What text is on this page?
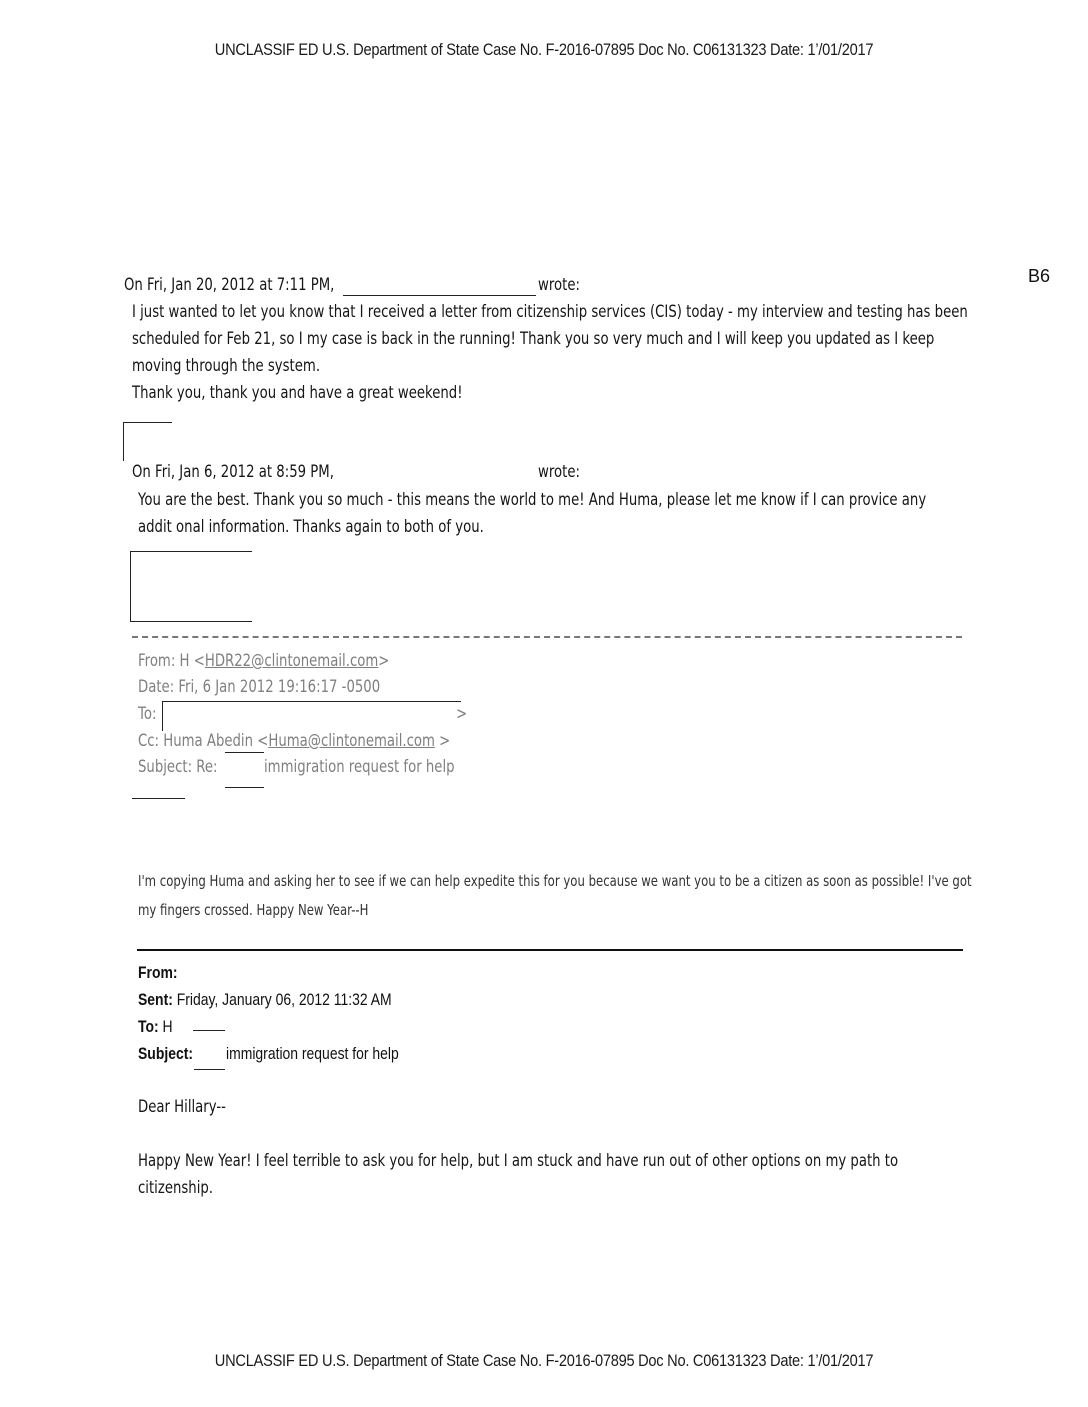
UNCLASSIF ED U.S. Department of State Case No. F-2016-07895 Doc No. C06131323 Date: 1’/01/2017
B6
On Fri, Jan 20, 2012 at 7:11 PM,	wrote:
I just wanted to let you know that I received a letter from citizenship services (CIS) today - my interview and testing has been
scheduled for Feb 21, so I my case is back in the running! Thank you so very much and I will keep you updated as I keep
moving through the system.
Thank you, thank you and have a great weekend!
On Fri, Jan 6, 2012 at 8:59 PM,	wrote:
You are the best. Thank you so much - this means the world to me! And Huma, please let me know if I can provice any
addit onal information. Thanks again to both of you.
From: H <HDR22@clintonemail.com>
Date: Fri, 6 Jan 2012 19:16:17 -0500
To:	>
Cc: Huma Abedin <Huma@clintonemail.com >
Subject: Re:	immigration request for help
I'm copying Huma and asking her to see if we can help expedite this for you because we want you to be a citizen as soon as possible! I've got
my fingers crossed. Happy New Year--H
From:
Sent: Friday, January 06, 2012 11:32 AM
To: H
Subject: immigration request for help
Dear Hillary--
Happy New Year! I feel terrible to ask you for help, but I am stuck and have run out of other options on my path to
citizenship.
UNCLASSIF ED U.S. Department of State Case No. F-2016-07895 Doc No. C06131323 Date: 1’/01/2017
